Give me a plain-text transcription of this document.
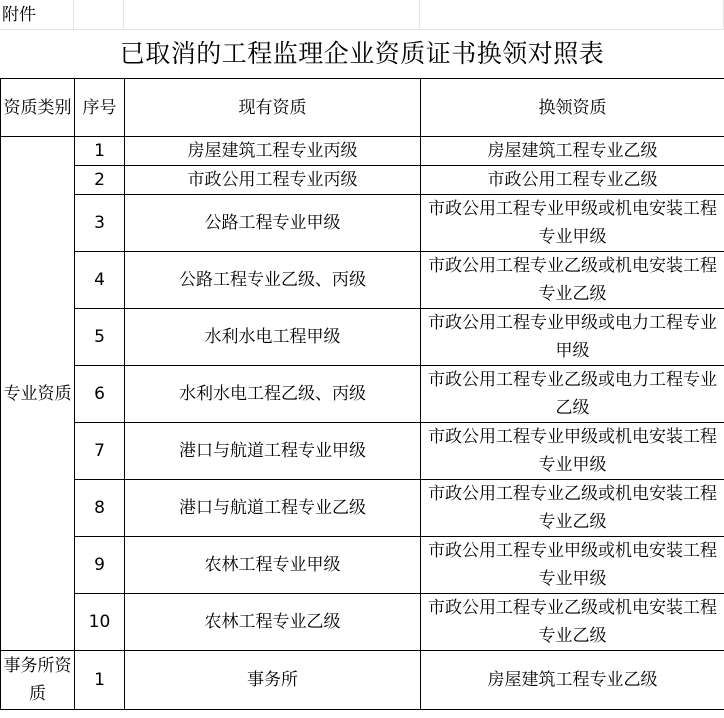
附件
已取消的工程监理企业资质证书换领对照表
资质类别	序号	现有资质	换领资质
专业资质	1	房屋建筑工程专业丙级	房屋建筑工程专业乙级
	2	市政公用工程专业丙级	市政公用工程专业乙级
	3	公路工程专业甲级	市政公用工程专业甲级或机电安装工程专业甲级
	4	公路工程专业乙级、丙级	市政公用工程专业乙级或机电安装工程专业乙级
	5	水利水电工程甲级	市政公用工程专业甲级或电力工程专业甲级
	6	水利水电工程乙级、丙级	市政公用工程专业乙级或电力工程专业乙级
	7	港口与航道工程专业甲级	市政公用工程专业甲级或机电安装工程专业甲级
	8	港口与航道工程专业乙级	市政公用工程专业乙级或机电安装工程专业乙级
	9	农林工程专业甲级	市政公用工程专业甲级或机电安装工程专业甲级
	10	农林工程专业乙级	市政公用工程专业乙级或机电安装工程专业乙级
事务所资质	1	事务所	房屋建筑工程专业乙级
